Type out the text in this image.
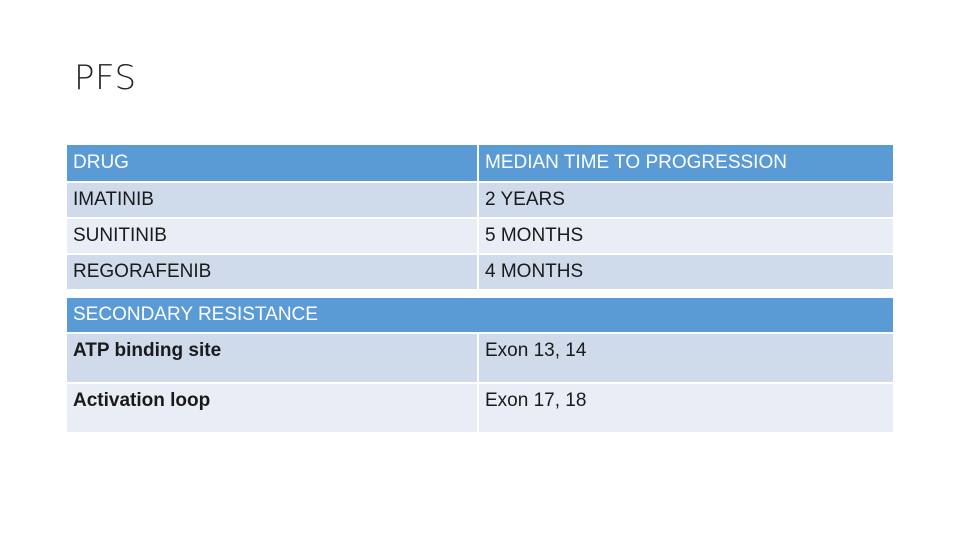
PFS
DRUG	MEDIAN TIME TO PROGRESSION
IMATINIB	2 YEARS
SUNITINIB	5 MONTHS
REGORAFENIB	4 MONTHS
SECONDARY RESISTANCE	
ATP binding site	Exon 13, 14
Activation loop	Exon 17, 18
